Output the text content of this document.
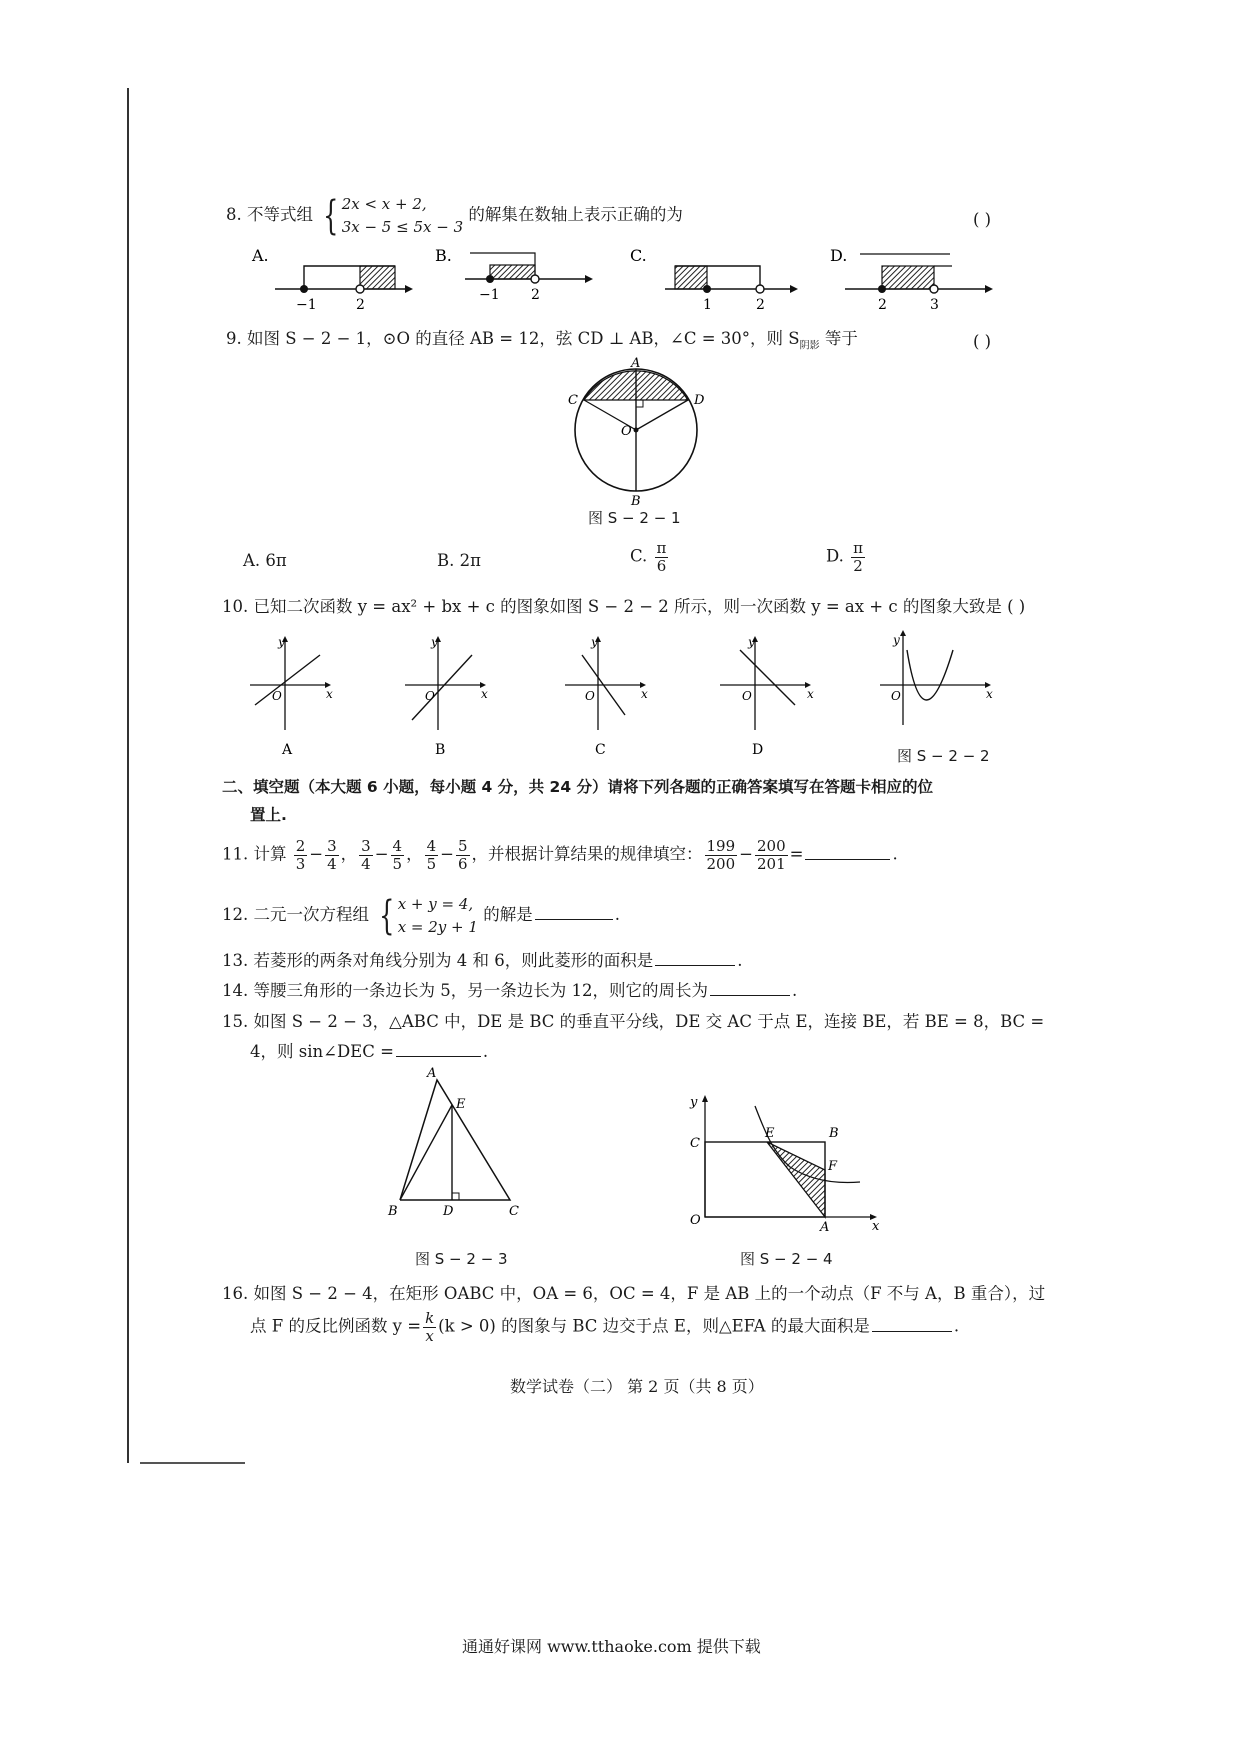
8. 不等式组 { 2x < x + 2,
3x − 5 ≤ 5x − 3
的解集在数轴上表示正确的为	( )
A.
−1	2
B.
−1 2
C.
1	2
D.
2	3
9. 如图 S − 2 − 1，⊙O 的直径 AB = 12，弦 CD ⊥ AB，∠C = 30°，则 $S_{阴影}$ 等于	( )
A
C	D
O
B
图 S − 2 − 1
A. 6π	B. 2π	C. $\frac{\pi}{6}$	D. $\frac{\pi}{2}$
10. 已知二次函数 y = ax² + bx + c 的图象如图 S − 2 − 2 所示，则一次函数 y = ax + c 的图象大致是 ( )
y
x
O
A
y
x
O
B
y
x
O
C
y
x
O
D
y
x
O
图 S − 2 − 2
二、填空题（本大题 6 小题，每小题 4 分，共 24 分）请将下列各题的正确答案填写在答题卡相应的位
置上.
11. 计算 $\frac{2}{3} - \frac{3}{4}$ ， $\frac{3}{4} - \frac{4}{5}$ ， $\frac{4}{5} - \frac{5}{6}$ ，并根据计算结果的规律填空： $\frac{199}{200} - \frac{200}{201}$ =	.
12. 二元一次方程组 { x + y = 4,
x = 2y + 1
的解是	.
13. 若菱形的两条对角线分别为 4 和 6，则此菱形的面积是	.
14. 等腰三角形的一条边长为 5，另一条边长为 12，则它的周长为	.
15. 如图 S − 2 − 3，△ABC 中，DE 是 BC 的垂直平分线，DE 交 AC 于点 E，连接 BE，若 BE = 8，BC =
4，则 sin∠DEC =	.
A
E
B	D	C
图 S − 2 − 3
y
x
C
B
E
F
O	A
图 S − 2 − 4
16. 如图 S − 2 − 4，在矩形 OABC 中，OA = 6，OC = 4，F 是 AB 上的一个动点（F 不与 A，B 重合），过
点 F 的反比例函数 $y = \frac{k}{x} (k > 0)$ 的图象与 BC 边交于点 E，则△EFA 的最大面积是	.
数学试卷（二） 第 2 页（共 8 页）
通通好课网 www.tthaoke.com 提供下载
